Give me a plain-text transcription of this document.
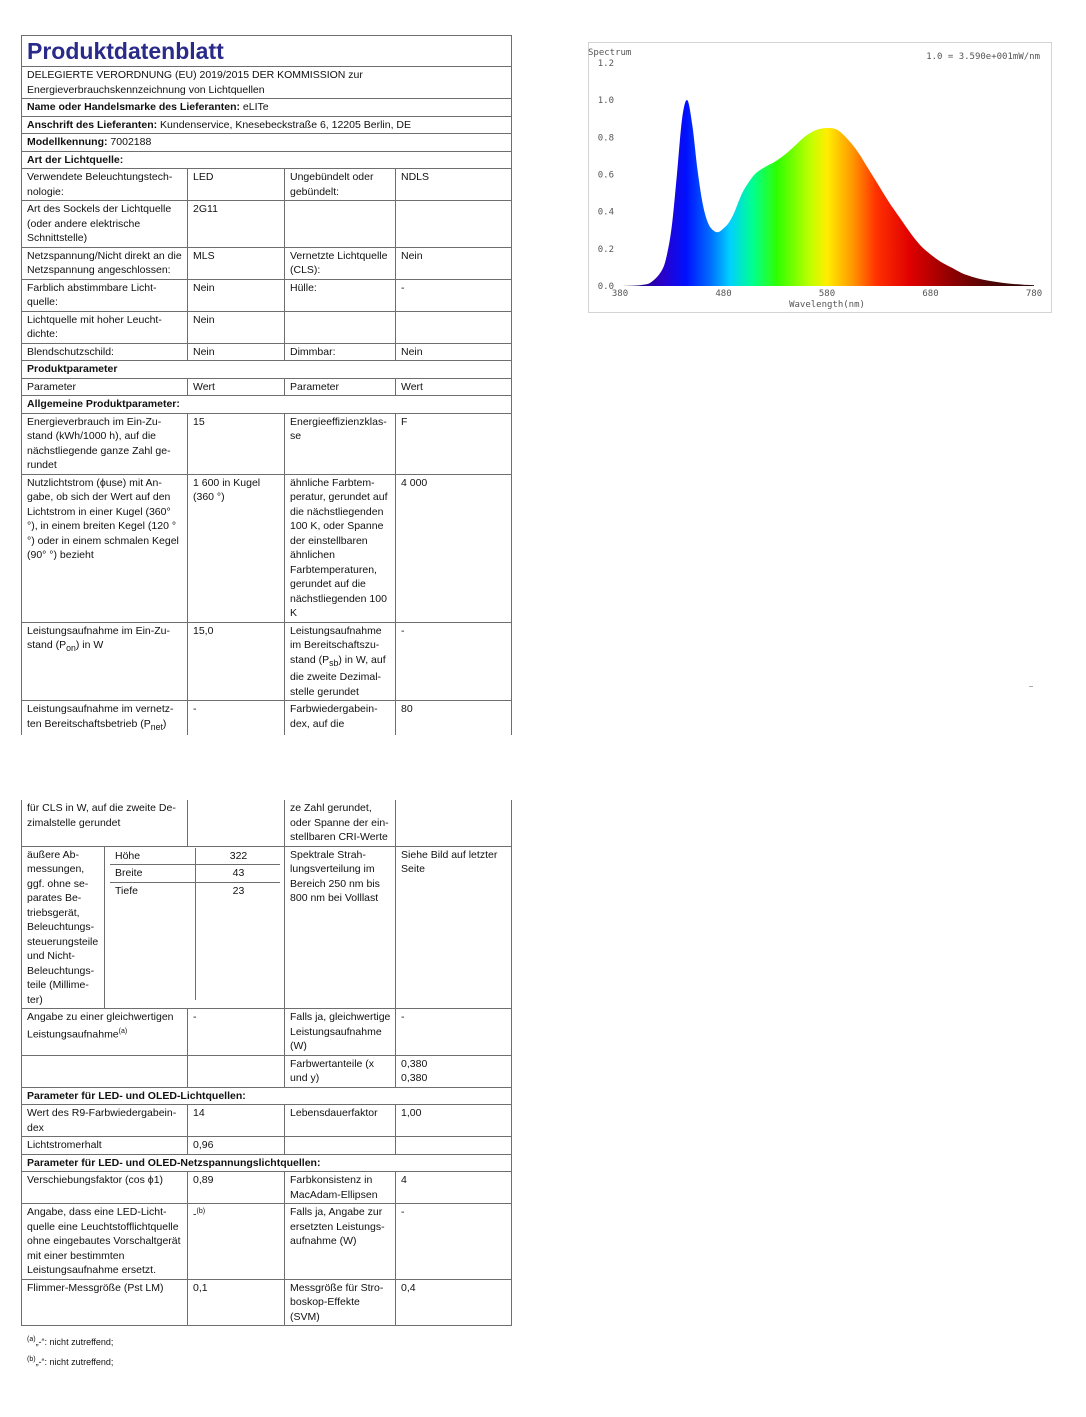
Produktdatenblatt			
DELEGIERTE VERORDNUNG (EU) 2019/2015 DER KOMMISSION zur Energieverbrauchskennzeichnung von Lichtquellen			
Name oder Handelsmarke des Lieferanten: eLITe			
Anschrift des Lieferanten: Kundenservice, Knesebeckstraße 6, 12205 Berlin, DE			
Modellkennung: 7002188			
Art der Lichtquelle:			
Verwendete Beleuchtungstechnologie:	LED	Ungebündelt oder gebündelt:	NDLS
Art des Sockels der Lichtquelle (oder andere elektrische Schnittstelle)	2G11		
Netzspannung/Nicht direkt an die Netzspannung angeschlossen:	MLS	Vernetzte Lichtquelle (CLS):	Nein
Farblich abstimmbare Lichtquelle:	Nein	Hülle:	-
Lichtquelle mit hoher Leuchtdichte:	Nein		
Blendschutzschild:	Nein	Dimmbar:	Nein
Produktparameter			
Parameter	Wert	Parameter	Wert
Allgemeine Produktparameter:			
Energieverbrauch im Ein-Zustand (kWh/1000 h), auf die nächstliegende ganze Zahl gerundet	15	Energieeffizienzklasse	F
Nutzlichtstrom (ϕuse) mit Angabe, ob sich der Wert auf den Lichtstrom in einer Kugel (360° °), in einem breiten Kegel (120 °°) oder in einem schmalen Kegel (90° °) bezieht	1 600 in Kugel (360 °)	ähnliche Farbtemperatur, gerundet auf die nächstliegenden 100 K, oder Spanne der einstellbaren ähnlichen Farbtemperaturen, gerundet auf die nächstliegenden 100 K	4 000
Leistungsaufnahme im Ein-Zustand $(P_{on})$ in W	15,0	Leistungsaufnahme im Bereitschaftszustand $(P_{sb})$ in W, auf die zweite Dezimalstelle gerundet	-
Leistungsaufnahme im vernetzten Bereitschaftsbetrieb $(P_{net})$	-	Farbwiedergabeindex, auf die	80
für CLS in W, auf die zweite Dezimalstelle gerundet		ze Zahl gerundet, oder Spanne der einstellbaren CRI-Werte	
äußere Abmessungen, ggf. ohne separates Betriebsgerät, Beleuchtungssteuerungsteile und Nicht-Beleuchtungsteile (Millimeter)	
Höhe	322
Breite	43
Tiefe	23
	Spektrale Strahlungsverteilung im Bereich 250 nm bis 800 nm bei Volllast	Siehe Bild auf letzter Seite
Angabe zu einer gleichwertigen Leistungsaufnahme$^{(a)}$	-	Falls ja, gleichwertige Leistungsaufnahme (W)	-
		Farbwertanteile (x und y)	0,380
0,380
Parameter für LED- und OLED-Lichtquellen:
Wert des R9-Farbwiedergabeindex	14	Lebensdauerfaktor	1,00
Lichtstromerhalt	0,96		
Parameter für LED- und OLED-Netzspannungslichtquellen:
Verschiebungsfaktor (cos ϕ1)	0,89	Farbkonsistenz in MacAdam-Ellipsen	4
Angabe, dass eine LED-Lichtquelle eine Leuchtstofflichtquelle ohne eingebautes Vorschaltgerät mit einer bestimmten Leistungsaufnahme ersetzt.	-$^{(b)}$	Falls ja, Angabe zur ersetzten Leistungsaufnahme (W)	-
Flimmer-Messgröße (Pst LM)	0,1	Messgröße für Stroboskop-Effekte (SVM)	0,4
$^{(a)}$„-“: nicht zutreffend;
$^{(b)}$„-“: nicht zutreffend;
Spectrum	1.0 = 3.590e+001mW/nm
0.0
0.2
0.4
0.6
0.8
1.0
1.2
380	480	580	680	780
Wavelength(nm)
